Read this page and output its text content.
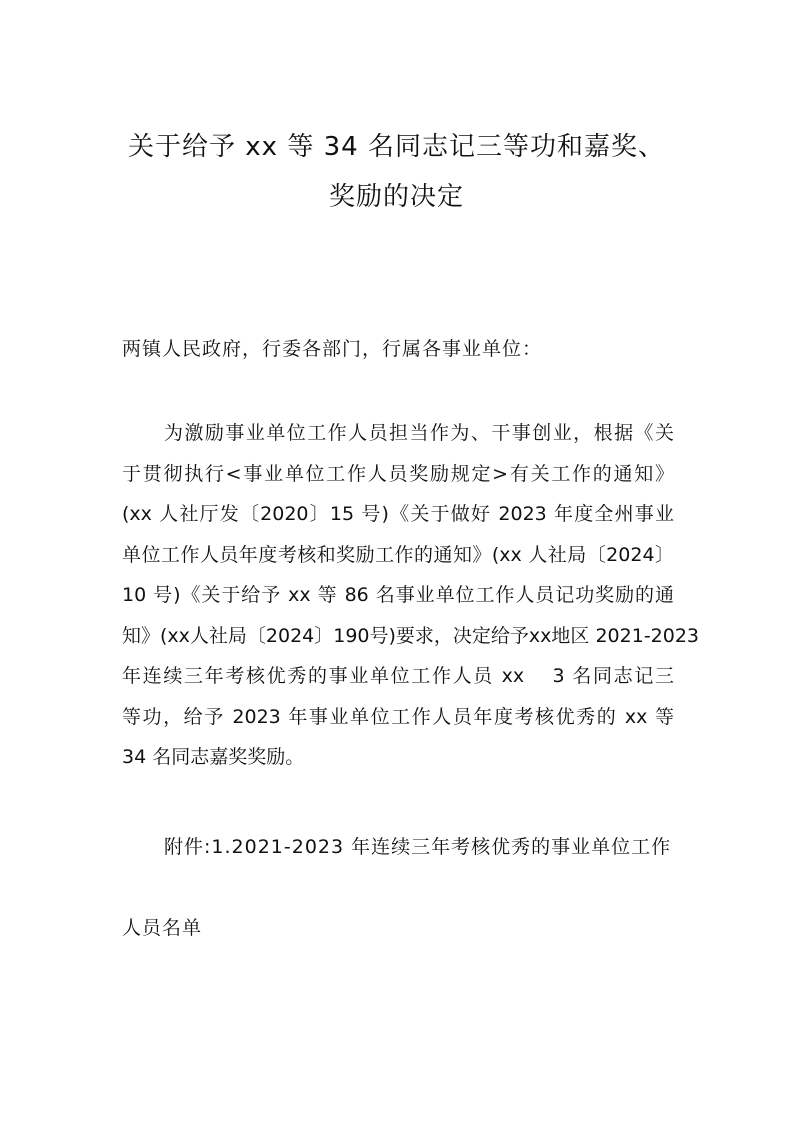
关于给予 xx 等 34 名同志记三等功和嘉奖、
奖励的决定
两镇人民政府，行委各部门，行属各事业单位：
为激励事业单位工作人员担当作为、干事创业，根据《关
于贯彻执行<事业单位工作人员奖励规定>有关工作的通知》
(xx 人社厅发〔2020〕15 号)《关于做好 2023 年度全州事业
单位工作人员年度考核和奖励工作的通知》(xx 人社局〔2024〕
10 号)《关于给予 xx 等 86 名事业单位工作人员记功奖励的通
知》(xx人社局〔2024〕190号)要求，决定给予xx地区 2021-2023
年连续三年考核优秀的事业单位工作人员 xx 　3 名同志记三
等功，给予 2023 年事业单位工作人员年度考核优秀的 xx 等
34 名同志嘉奖奖励。
附件:1.2021-2023 年连续三年考核优秀的事业单位工作
人员名单
